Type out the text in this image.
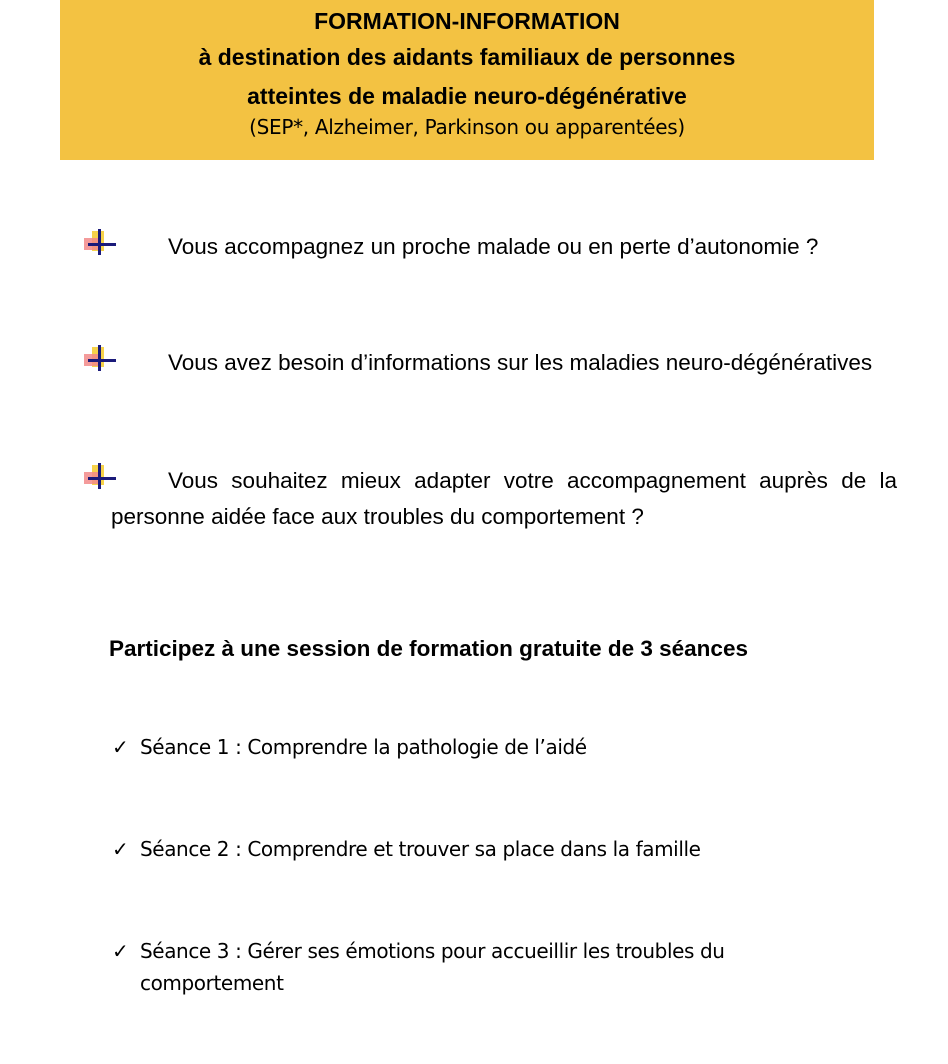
FORMATION-INFORMATION
à destination des aidants familiaux de personnes
atteintes de maladie neuro-dégénérative
(SEP*, Alzheimer, Parkinson ou apparentées)
Vous accompagnez un proche malade ou en perte d’autonomie ?
Vous avez besoin d’informations sur les maladies neuro-dégénératives
Vous souhaitez mieux adapter votre accompagnement auprès de la personne aidée face aux troubles du comportement ?
Participez à une session de formation gratuite de 3 séances
✓ Séance 1 : Comprendre la pathologie de l’aidé
✓ Séance 2 : Comprendre et trouver sa place dans la famille
✓ Séance 3 : Gérer ses émotions pour accueillir les troubles du comportement
